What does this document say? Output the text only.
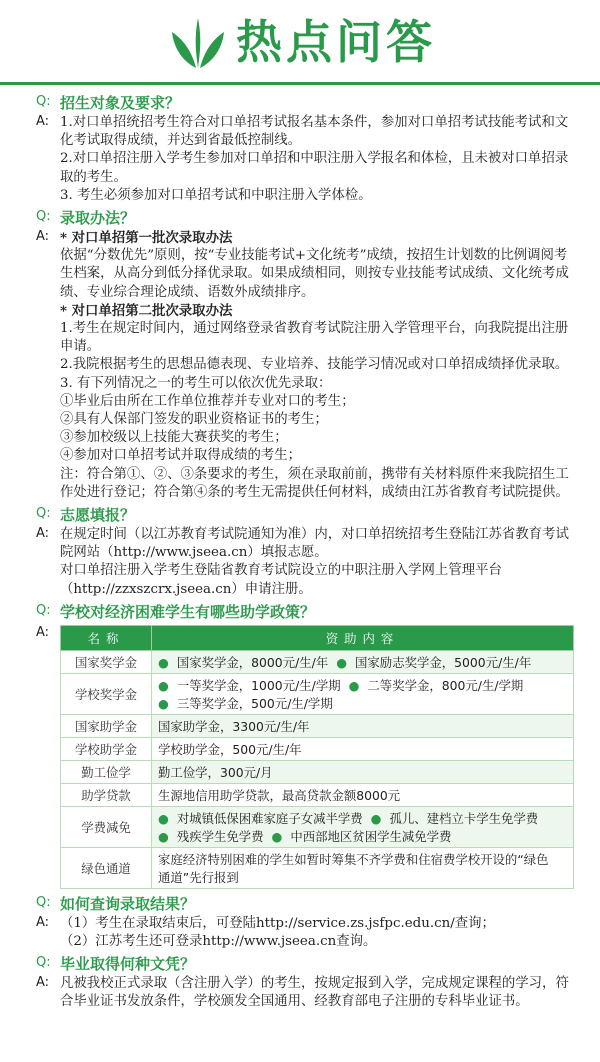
热点问答
Q: 招生对象及要求？
A: 1.对口单招统招考生符合对口单招考试报名基本条件，参加对口单招考试技能考试和文化考试取得成绩，并达到省最低控制线。

2.对口单招注册入学考生参加对口单招和中职注册入学报名和体检，且未被对口单招录取的考生。

3. 考生必须参加对口单招考试和中职注册入学体检。

Q: 录取办法？
A: * 对口单招第一批次录取办法

依据“分数优先”原则，按“专业技能考试+文化统考”成绩，按招生计划数的比例调阅考生档案，从高分到低分择优录取。如果成绩相同，则按专业技能考试成绩、文化统考成绩、专业综合理论成绩、语数外成绩排序。

* 对口单招第二批次录取办法

1.考生在规定时间内，通过网络登录省教育考试院注册入学管理平台，向我院提出注册申请。

2.我院根据考生的思想品德表现、专业培养、技能学习情况或对口单招成绩择优录取。

3. 有下列情况之一的考生可以依次优先录取：

①毕业后由所在工作单位推荐并专业对口的考生；

②具有人保部门签发的职业资格证书的考生；

③参加校级以上技能大赛获奖的考生；

④参加对口单招考试并取得成绩的考生；

注：符合第①、②、③条要求的考生，须在录取前前，携带有关材料原件来我院招生工作处进行登记；符合第④条的考生无需提供任何材料，成绩由江苏省教育考试院提供。

Q: 志愿填报？
A: 在规定时间（以江苏教育考试院通知为准）内，对口单招统招考生登陆江苏省教育考试院网站（http://www.jseea.cn）填报志愿。

对口单招注册入学考生登陆省教育考试院设立的中职注册入学网上管理平台（http://zzxszcrx.jseea.cn）申请注册。

Q: 学校对经济困难学生有哪些助学政策？
A:	名称	资助内容
国家奖学金	● 国家奖学金，8000元/生/年 ● 国家励志奖学金，5000元/生/年

学校奖学金	● 一等奖学金，1000元/生/学期 ● 二等奖学金，800元/生/学期
● 三等奖学金，500元/生/学期

国家助学金	国家助学金，3300元/生/年

学校助学金	学校助学金，500元/生/年

勤工俭学	勤工俭学，300元/月

助学贷款	生源地信用助学贷款，最高贷款金额8000元

学费减免	● 对城镇低保困难家庭子女减半学费 ● 孤儿、建档立卡学生免学费
● 残疾学生免学费 ● 中西部地区贫困学生减免学费

绿色通道	家庭经济特别困难的学生如暂时筹集不齐学费和住宿费学校开设的“绿色通道”先行报到
Q: 如何查询录取结果？
A: （1）考生在录取结束后，可登陆http://service.zs.jsfpc.edu.cn/查询；

（2）江苏考生还可登录http://www.jseea.cn查询。

Q: 毕业取得何种文凭？
A: 凡被我校正式录取（含注册入学）的考生，按规定报到入学，完成规定课程的学习，符合毕业证书发放条件，学校颁发全国通用、经教育部电子注册的专科毕业证书。
